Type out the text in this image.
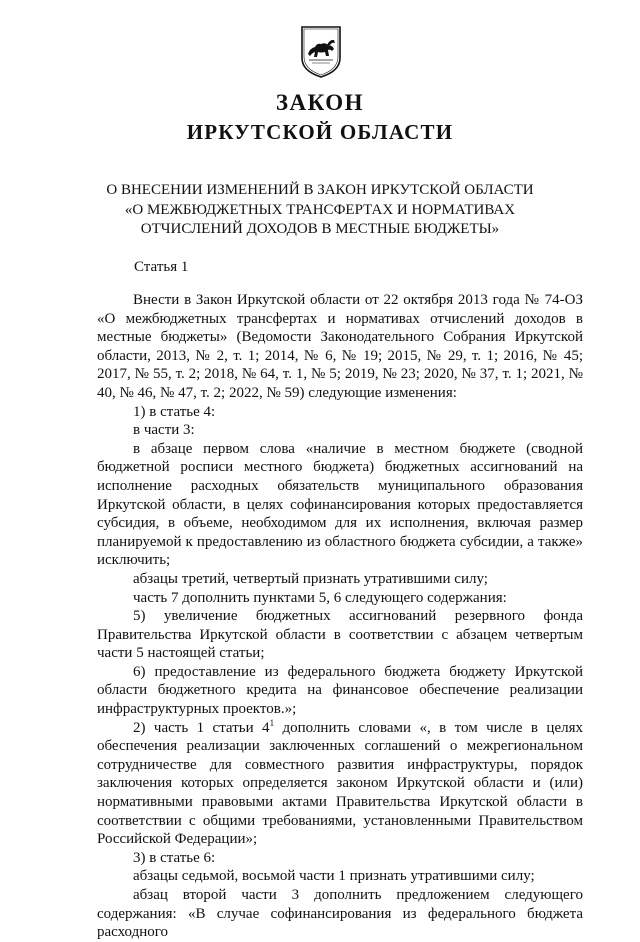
ЗАКОН
ИРКУТСКОЙ ОБЛАСТИ
О ВНЕСЕНИИ ИЗМЕНЕНИЙ В ЗАКОН ИРКУТСКОЙ ОБЛАСТИ
«О МЕЖБЮДЖЕТНЫХ ТРАНСФЕРТАХ И НОРМАТИВАХ
ОТЧИСЛЕНИЙ ДОХОДОВ В МЕСТНЫЕ БЮДЖЕТЫ»
Статья 1

Внести в Закон Иркутской области от 22 октября 2013 года № 74-ОЗ «О межбюджетных трансфертах и нормативах отчислений доходов в местные бюджеты» (Ведомости Законодательного Собрания Иркутской области, 2013, № 2, т. 1; 2014, № 6, № 19; 2015, № 29, т. 1; 2016, № 45; 2017, № 55, т. 2; 2018, № 64, т. 1, № 5; 2019, № 23; 2020, № 37, т. 1; 2021, № 40, № 46, № 47, т. 2; 2022, № 59) следующие изменения:

1) в статье 4:

в части 3:

в абзаце первом слова «наличие в местном бюджете (сводной бюджетной росписи местного бюджета) бюджетных ассигнований на исполнение расходных обязательств муниципального образования Иркутской области, в целях софинансирования которых предоставляется субсидия, в объеме, необходимом для их исполнения, включая размер планируемой к предоставлению из областного бюджета субсидии, а также» исключить;

абзацы третий, четвертый признать утратившими силу;

часть 7 дополнить пунктами 5, 6 следующего содержания:

5) увеличение бюджетных ассигнований резервного фонда Правительства Иркутской области в соответствии с абзацем четвертым части 5 настоящей статьи;

6) предоставление из федерального бюджета бюджету Иркутской области бюджетного кредита на финансовое обеспечение реализации инфраструктурных проектов.»;

2) часть 1 статьи $4^1$ дополнить словами «, в том числе в целях обеспечения реализации заключенных соглашений о межрегиональном сотрудничестве для совместного развития инфраструктуры, порядок заключения которых определяется законом Иркутской области и (или) нормативными правовыми актами Правительства Иркутской области в соответствии с общими требованиями, установленными Правительством Российской Федерации»;

3) в статье 6:

абзацы седьмой, восьмой части 1 признать утратившими силу;

абзац второй части 3 дополнить предложением следующего содержания: «В случае софинансирования из федерального бюджета расходного
